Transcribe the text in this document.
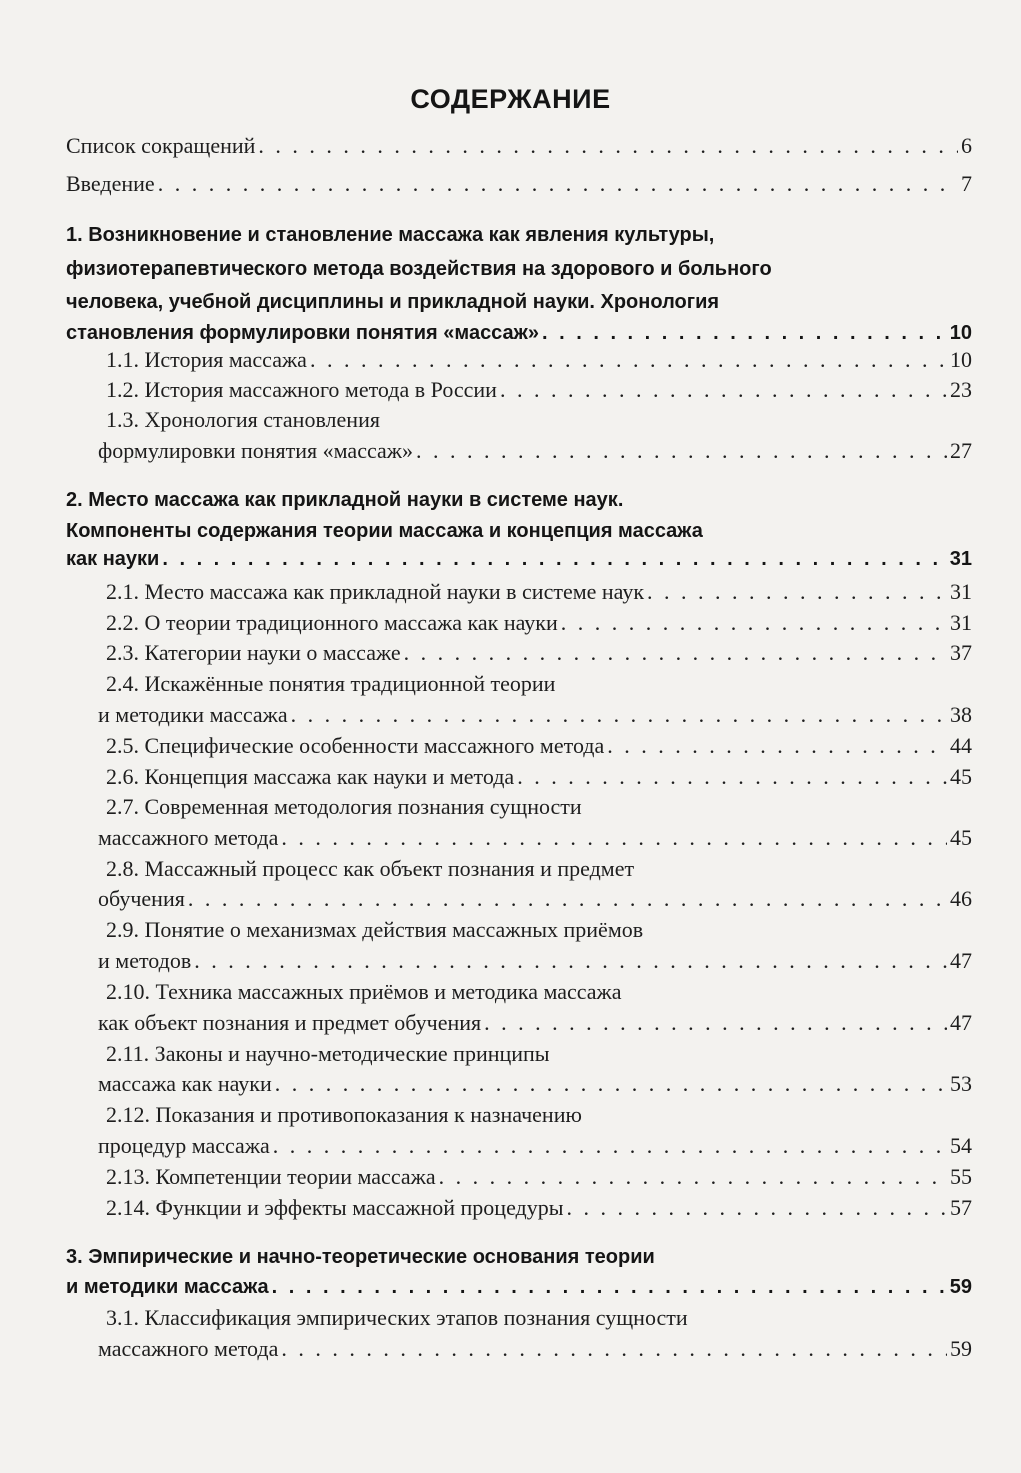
СОДЕРЖАНИЕ
Список сокращений . . .	6
Введение . . .	7
1. Возникновение и становление массажа как явления культуры,
физиотерапевтического метода воздействия на здорового и больного
человека, учебной дисциплины и прикладной науки. Хронология
становления формулировки понятия «массаж» . . .	10
1.1. История массажа . . .	10
1.2. История массажного метода в России . . .	23
1.3. Хронология становления
формулировки понятия «массаж» . . .	27
2. Место массажа как прикладной науки в системе наук.
Компоненты содержания теории массажа и концепция массажа
как науки . . .	31
2.1. Место массажа как прикладной науки в системе наук . . .	31
2.2. О теории традиционного массажа как науки . . .	31
2.3. Категории науки о массаже . . .	37
2.4. Искажённые понятия традиционной теории
и методики массажа . . .	38
2.5. Специфические особенности массажного метода . . .	44
2.6. Концепция массажа как науки и метода . . .	45
2.7. Современная методология познания сущности
массажного метода . . .	45
2.8. Массажный процесс как объект познания и предмет
обучения . . .	46
2.9. Понятие о механизмах действия массажных приёмов
и методов . . .	47
2.10. Техника массажных приёмов и методика массажа
как объект познания и предмет обучения . . .	47
2.11. Законы и научно-методические принципы
массажа как науки . . .	53
2.12. Показания и противопоказания к назначению
процедур массажа . . .	54
2.13. Компетенции теории массажа . . .	55
2.14. Функции и эффекты массажной процедуры . . .	57
3. Эмпирические и начно-теоретические основания теории
и методики массажа . . .	59
3.1. Классификация эмпирических этапов познания сущности
массажного метода . . .	59
